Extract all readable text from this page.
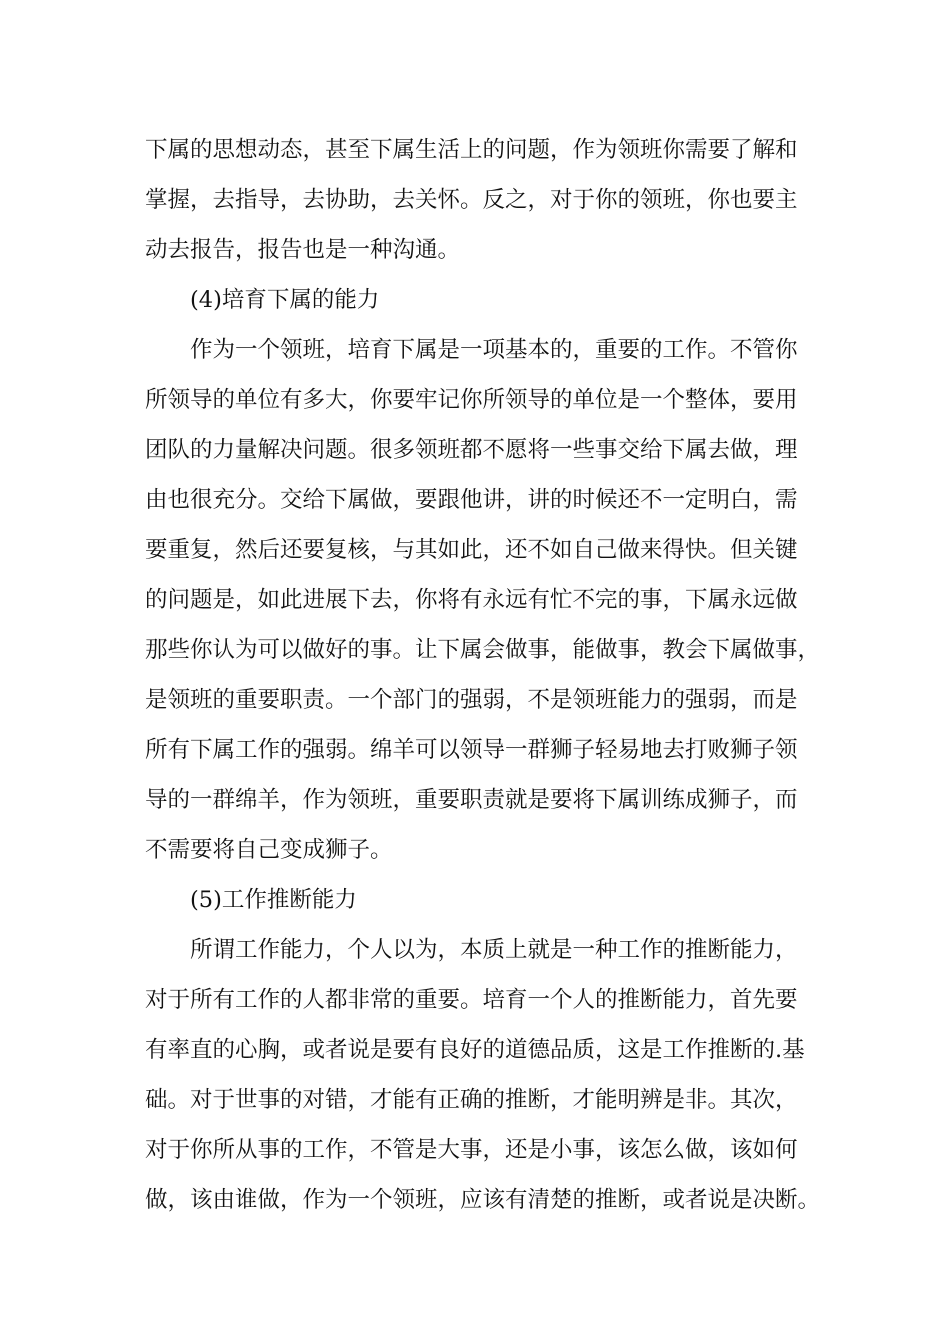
下属的思想动态，甚至下属生活上的问题，作为领班你需要了解和
掌握，去指导，去协助，去关怀。反之，对于你的领班，你也要主
动去报告，报告也是一种沟通。
(4)培育下属的能力
作为一个领班，培育下属是一项基本的，重要的工作。不管你
所领导的单位有多大，你要牢记你所领导的单位是一个整体，要用
团队的力量解决问题。很多领班都不愿将一些事交给下属去做，理
由也很充分。交给下属做，要跟他讲，讲的时候还不一定明白，需
要重复，然后还要复核，与其如此，还不如自己做来得快。但关键
的问题是，如此进展下去，你将有永远有忙不完的事，下属永远做
那些你认为可以做好的事。让下属会做事，能做事，教会下属做事，
是领班的重要职责。一个部门的强弱，不是领班能力的强弱，而是
所有下属工作的强弱。绵羊可以领导一群狮子轻易地去打败狮子领
导的一群绵羊，作为领班，重要职责就是要将下属训练成狮子，而
不需要将自己变成狮子。
(5)工作推断能力
所谓工作能力，个人以为，本质上就是一种工作的推断能力，
对于所有工作的人都非常的重要。培育一个人的推断能力，首先要
有率直的心胸，或者说是要有良好的道德品质，这是工作推断的.基
础。对于世事的对错，才能有正确的推断，才能明辨是非。其次，
对于你所从事的工作，不管是大事，还是小事，该怎么做，该如何
做，该由谁做，作为一个领班，应该有清楚的推断，或者说是决断。
